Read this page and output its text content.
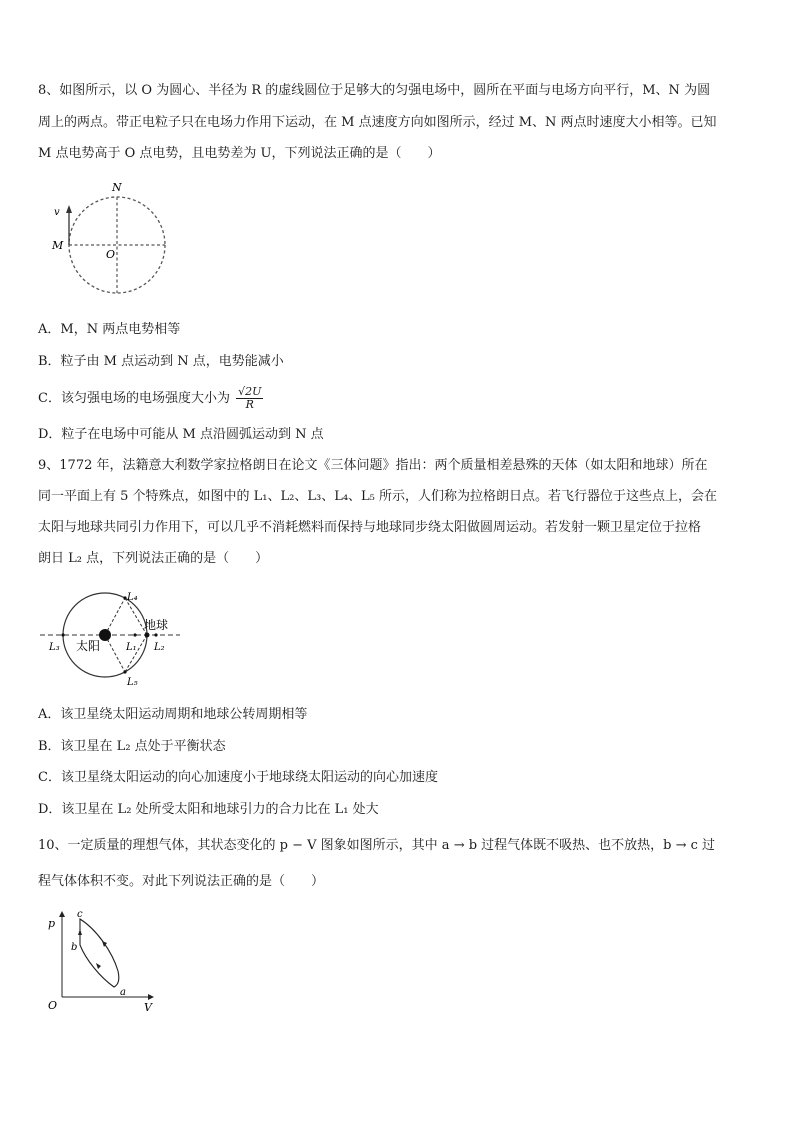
8、如图所示，以 O 为圆心、半径为 R 的虚线圆位于足够大的匀强电场中，圆所在平面与电场方向平行，M、N 为圆
周上的两点。带正电粒子只在电场力作用下运动，在 M 点速度方向如图所示，经过 M、N 两点时速度大小相等。已知
M 点电势高于 O 点电势，且电势差为 U，下列说法正确的是（　　）
N
M
O
v
A．M，N 两点电势相等
B．粒子由 M 点运动到 N 点，电势能减小
C．该匀强电场的电场强度大小为 $\frac{√2U}{R}$
D．粒子在电场中可能从 M 点沿圆弧运动到 N 点
9、1772 年，法籍意大利数学家拉格朗日在论文《三体问题》指出：两个质量相差悬殊的天体（如太阳和地球）所在
同一平面上有 5 个特殊点，如图中的 L₁、L₂、L₃、L₄、L₅ 所示，人们称为拉格朗日点。若飞行器位于这些点上，会在
太阳与地球共同引力作用下，可以几乎不消耗燃料而保持与地球同步绕太阳做圆周运动。若发射一颗卫星定位于拉格
朗日 L₂ 点，下列说法正确的是（　　）
太阳
地球
L₁ L₂
L₃
L₄
L₅
A．该卫星绕太阳运动周期和地球公转周期相等
B．该卫星在 L₂ 点处于平衡状态
C．该卫星绕太阳运动的向心加速度小于地球绕太阳运动的向心加速度
D．该卫星在 L₂ 处所受太阳和地球引力的合力比在 L₁ 处大
10、一定质量的理想气体，其状态变化的 p − V 图象如图所示，其中 a → b 过程气体既不吸热、也不放热，b → c 过
程气体体积不变。对此下列说法正确的是（　　）
p
V
O
a
b
c
